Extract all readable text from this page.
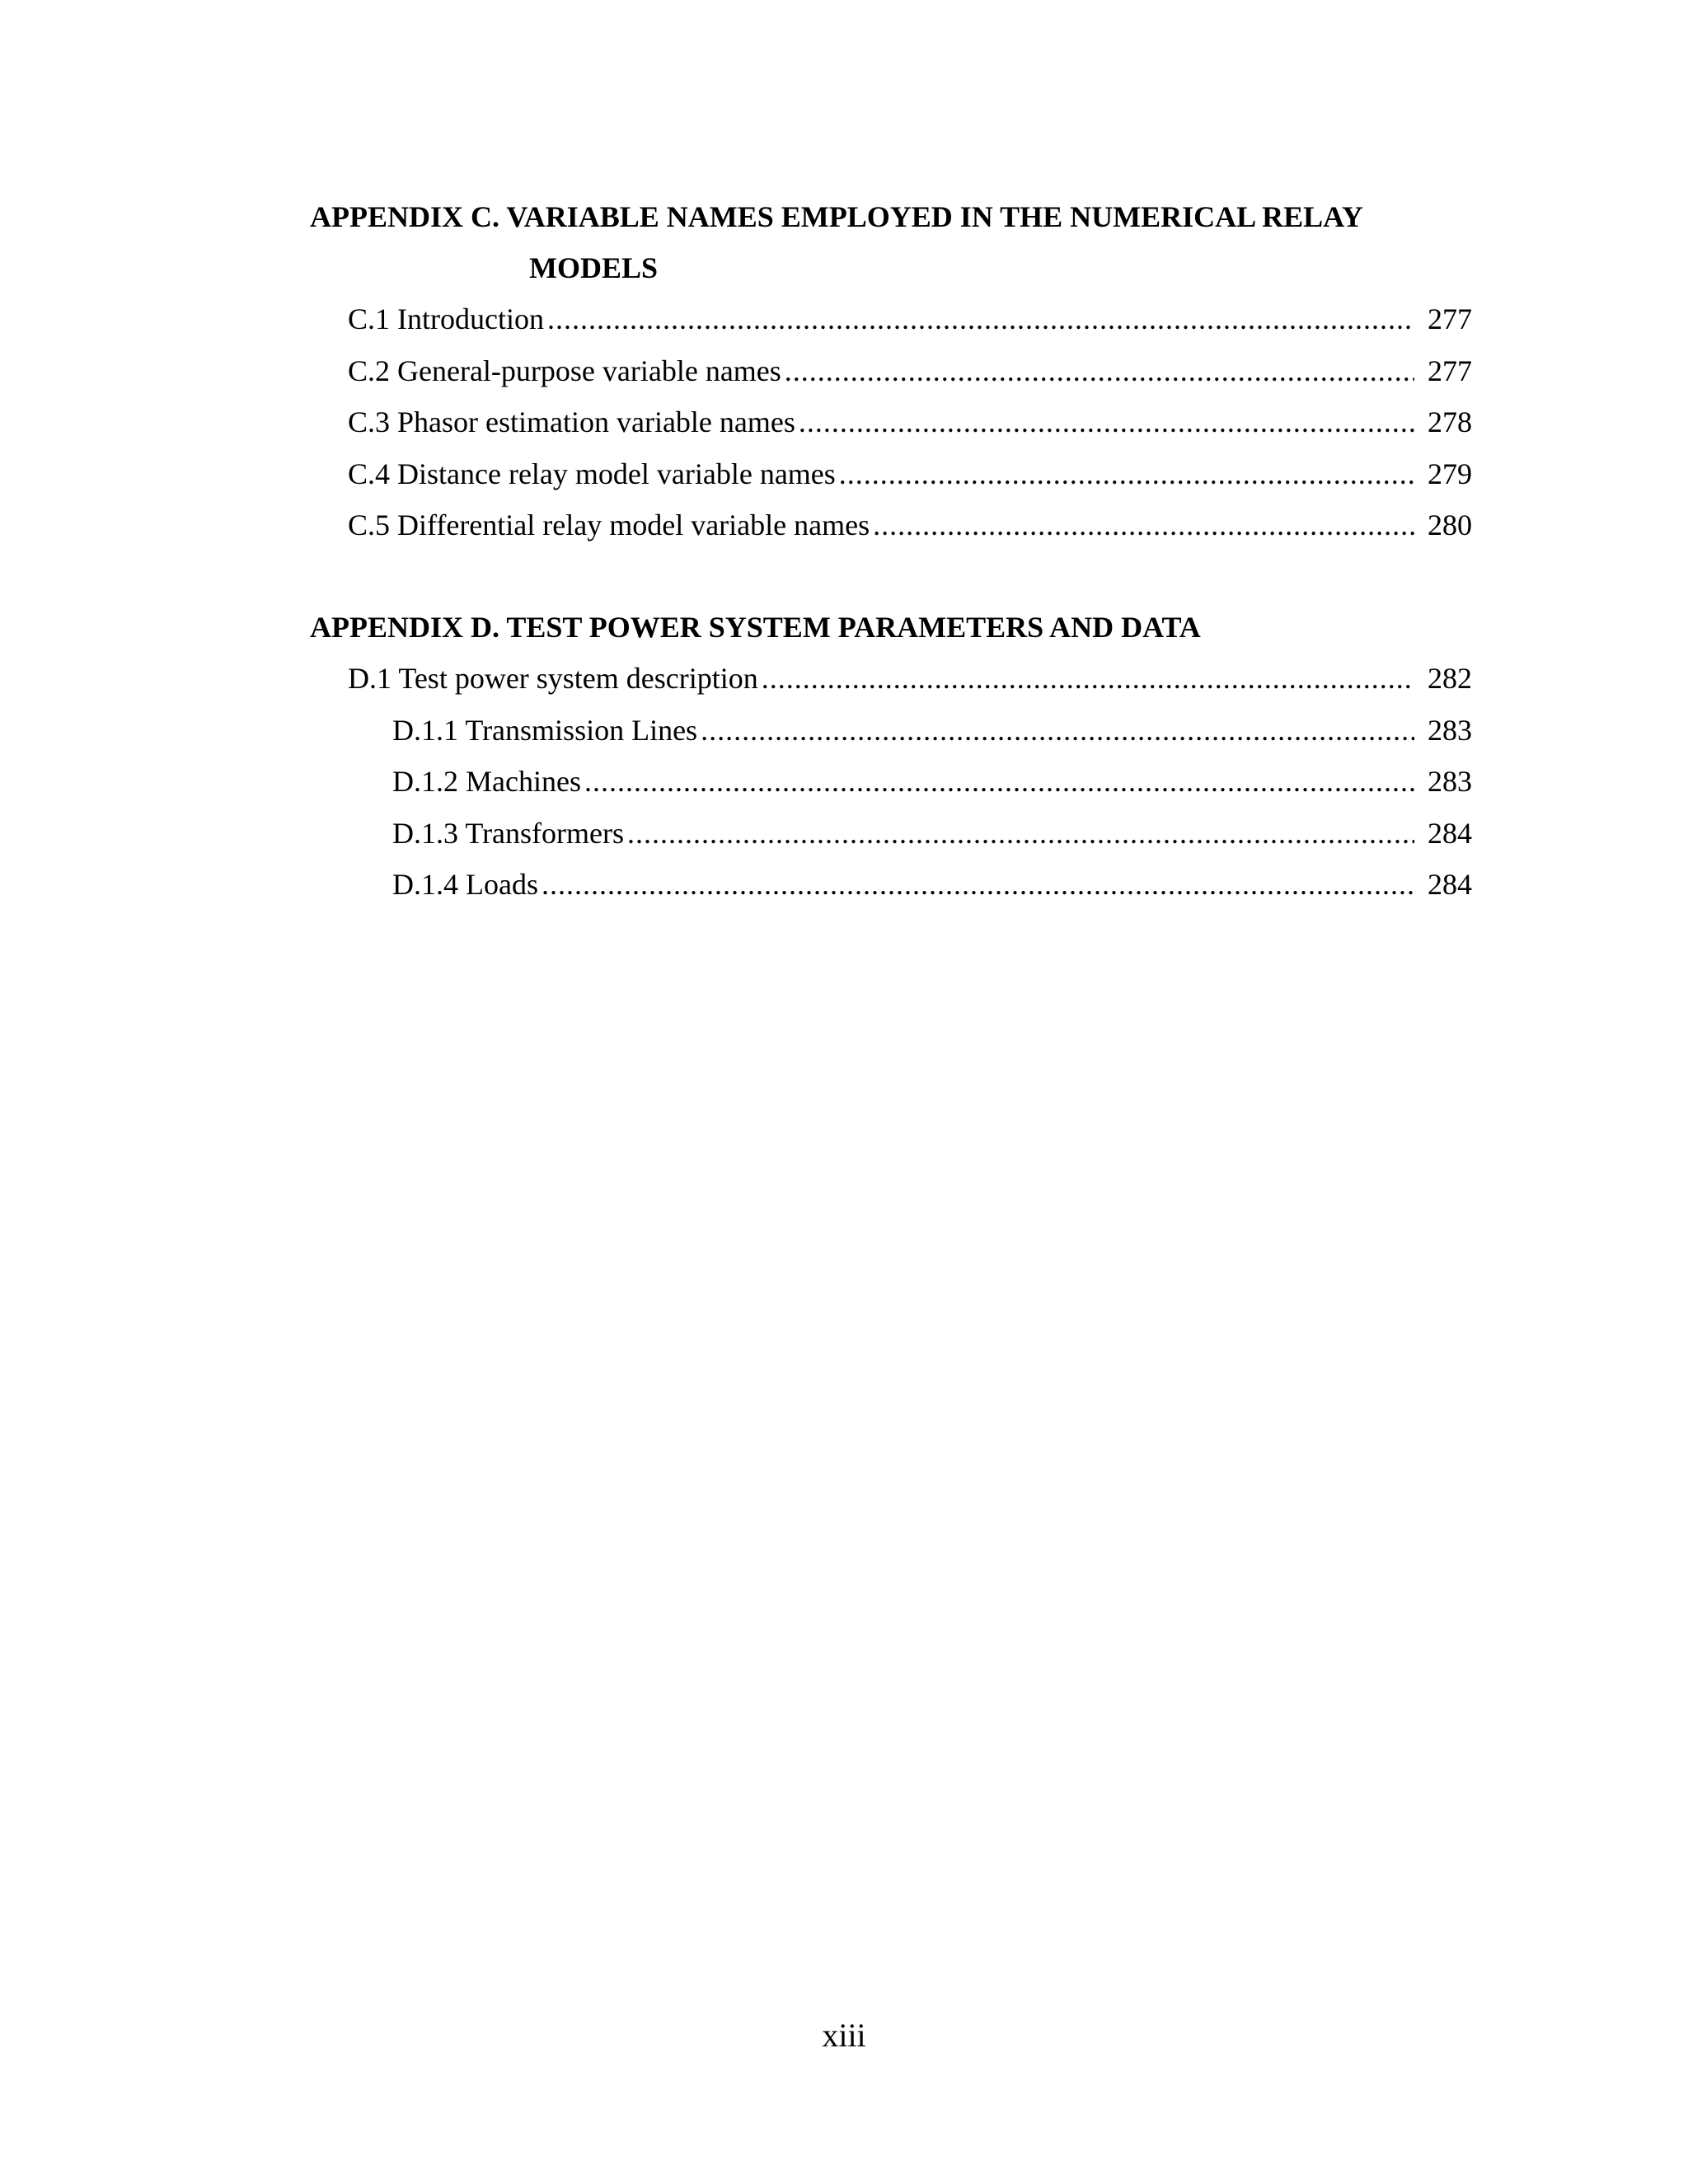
APPENDIX C. VARIABLE NAMES EMPLOYED IN THE NUMERICAL RELAY
MODELS
C.1 Introduction .....	277
C.2 General-purpose variable names .....	277
C.3 Phasor estimation variable names .....	278
C.4 Distance relay model variable names .....	279
C.5 Differential relay model variable names .....	280
APPENDIX D. TEST POWER SYSTEM PARAMETERS AND DATA
D.1 Test power system description .....	282
D.1.1 Transmission Lines .....	283
D.1.2 Machines .....	283
D.1.3 Transformers .....	284
D.1.4 Loads .....	284
xiii
